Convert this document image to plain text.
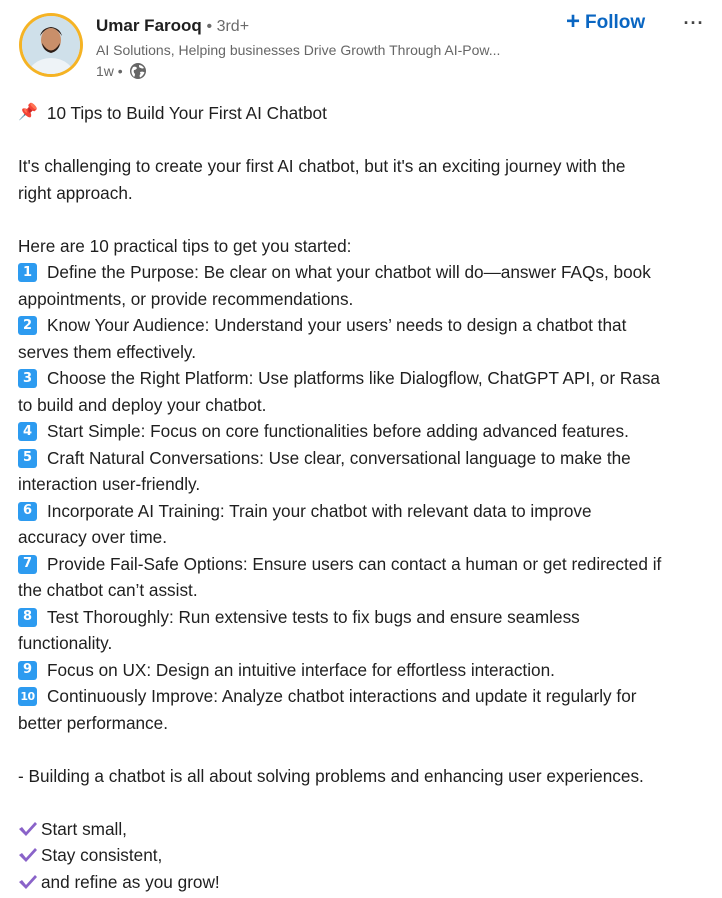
Umar Farooq • 3rd+
AI Solutions, Helping businesses Drive Growth Through AI-Pow...
1w •
+ Follow ···
📌 10 Tips to Build Your First AI Chatbot
It's challenging to create your first AI chatbot, but it's an exciting journey with the
right approach.
Here are 10 practical tips to get you started:
1 Define the Purpose: Be clear on what your chatbot will do—answer FAQs, book
appointments, or provide recommendations.
2 Know Your Audience: Understand your users’ needs to design a chatbot that
serves them effectively.
3 Choose the Right Platform: Use platforms like Dialogflow, ChatGPT API, or Rasa
to build and deploy your chatbot.
4 Start Simple: Focus on core functionalities before adding advanced features.
5 Craft Natural Conversations: Use clear, conversational language to make the
interaction user-friendly.
6 Incorporate AI Training: Train your chatbot with relevant data to improve
accuracy over time.
7 Provide Fail-Safe Options: Ensure users can contact a human or get redirected if
the chatbot can’t assist.
8 Test Thoroughly: Run extensive tests to fix bugs and ensure seamless
functionality.
9 Focus on UX: Design an intuitive interface for effortless interaction.
10 Continuously Improve: Analyze chatbot interactions and update it regularly for
better performance.
- Building a chatbot is all about solving problems and enhancing user experiences.
Start small,
Stay consistent,
and refine as you grow!
